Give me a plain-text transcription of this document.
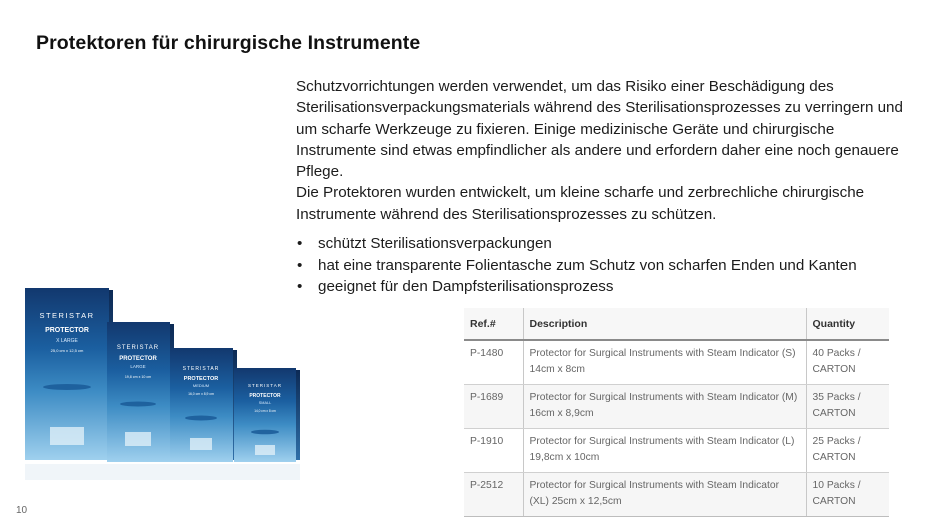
Protektoren für chirurgische Instrumente

Schutzvorrichtungen werden verwendet, um das Risiko einer Beschädigung des Sterilisationsverpackungsmaterials während des Sterilisationsprozesses zu verringern und um scharfe Werkzeuge zu fixieren. Einige medizinische Geräte und chirurgische Instrumente sind etwas empfindlicher als andere und erfordern daher eine noch genauere Pflege.

Die Protektoren wurden entwickelt, um kleine scharfe und zerbrechliche chirurgische Instrumente während des Sterilisationsprozesses zu schützen.

• schützt Sterilisationsverpackungen
• hat eine transparente Folientasche zum Schutz von scharfen Enden und Kanten
• geeignet für den Dampfsterilisationsprozess
STERISTAR
PROTECTOR
X LARGE
25,0 cm x 12,5 cm	STERISTAR
PROTECTOR
LARGE
19,8 cm x 10 cm
STERISTAR
PROTECTOR
MEDIUM
16,0 cm x 8,9 cm
STERISTAR
PROTECTOR
SMALL
14,0 cm x 8 cm
Ref.#	Description	Quantity
P-1480	Protector for Surgical Instruments with Steam Indicator (S) 14cm x 8cm	40 Packs / CARTON
P-1689	Protector for Surgical Instruments with Steam Indicator (M) 16cm x 8,9cm	35 Packs / CARTON
P-1910	Protector for Surgical Instruments with Steam Indicator (L) 19,8cm x 10cm	25 Packs / CARTON
P-2512	Protector for Surgical Instruments with Steam Indicator (XL) 25cm x 12,5cm	10 Packs / CARTON
10
